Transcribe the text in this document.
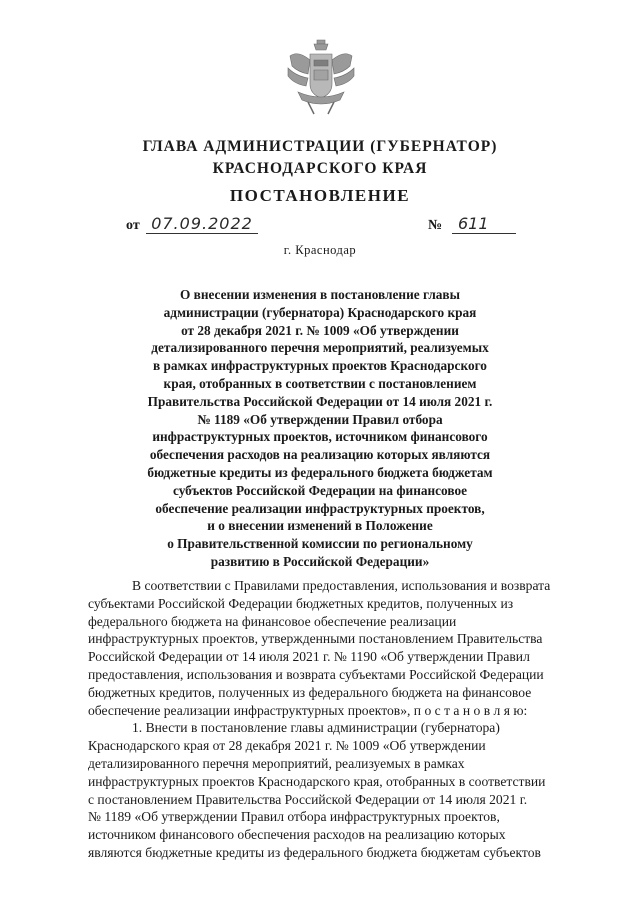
ГЛАВА АДМИНИСТРАЦИИ (ГУБЕРНАТОР)
КРАСНОДАРСКОГО КРАЯ
ПОСТАНОВЛЕНИЕ
от 07.09.2022	№ 611
г. Краснодар
О внесении изменения в постановление главы
администрации (губернатора) Краснодарского края
от 28 декабря 2021 г. № 1009 «Об утверждении
детализированного перечня мероприятий, реализуемых
в рамках инфраструктурных проектов Краснодарского
края, отобранных в соответствии с постановлением
Правительства Российской Федерации от 14 июля 2021 г.
№ 1189 «Об утверждении Правил отбора
инфраструктурных проектов, источником финансового
обеспечения расходов на реализацию которых являются
бюджетные кредиты из федерального бюджета бюджетам
субъектов Российской Федерации на финансовое
обеспечение реализации инфраструктурных проектов,
и о внесении изменений в Положение
о Правительственной комиссии по региональному
развитию в Российской Федерации»
В соответствии с Правилами предоставления, использования и возврата
субъектами Российской Федерации бюджетных кредитов, полученных из
федерального бюджета на финансовое обеспечение реализации
инфраструктурных проектов, утвержденными постановлением Правительства
Российской Федерации от 14 июля 2021 г. № 1190 «Об утверждении Правил
предоставления, использования и возврата субъектами Российской Федерации
бюджетных кредитов, полученных из федерального бюджета на финансовое
обеспечение реализации инфраструктурных проектов», п о с т а н о в л я ю:
1. Внести в постановление главы администрации (губернатора)
Краснодарского края от 28 декабря 2021 г. № 1009 «Об утверждении
детализированного перечня мероприятий, реализуемых в рамках
инфраструктурных проектов Краснодарского края, отобранных в соответствии
с постановлением Правительства Российской Федерации от 14 июля 2021 г.
№ 1189 «Об утверждении Правил отбора инфраструктурных проектов,
источником финансового обеспечения расходов на реализацию которых
являются бюджетные кредиты из федерального бюджета бюджетам субъектов
